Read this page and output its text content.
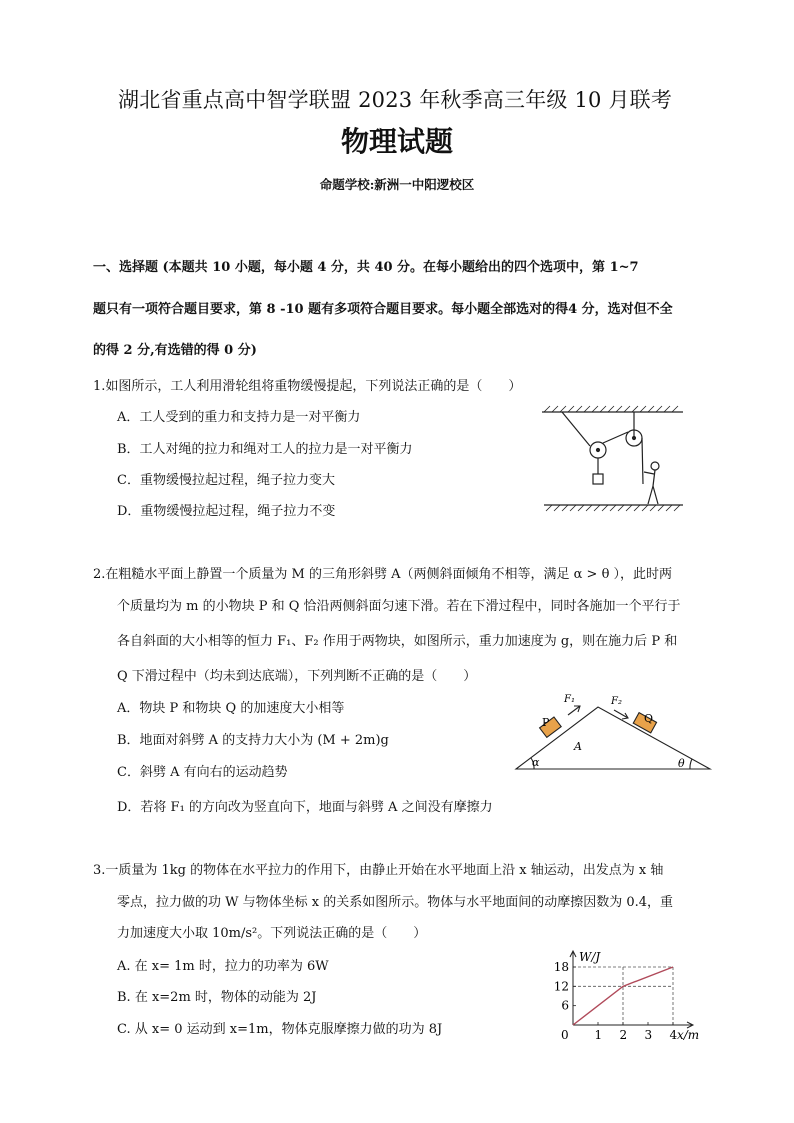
湖北省重点高中智学联盟 2023 年秋季高三年级 10 月联考
物理试题
命题学校:新洲一中阳逻校区
一、选择题 (本题共 10 小题，每小题 4 分，共 40 分。在每小题给出的四个选项中，第 1~7
题只有一项符合题目要求，第 8 -10 题有多项符合题目要求。每小题全部选对的得4 分，选对但不全
的得 2 分,有选错的得 0 分)
1.如图所示，工人利用滑轮组将重物缓慢提起，下列说法正确的是（　　）
A．工人受到的重力和支持力是一对平衡力
B．工人对绳的拉力和绳对工人的拉力是一对平衡力
C．重物缓慢拉起过程，绳子拉力变大
D．重物缓慢拉起过程，绳子拉力不变
2.在粗糙水平面上静置一个质量为 M 的三角形斜劈 A（两侧斜面倾角不相等，满足 α > θ ），此时两
个质量均为 m 的小物块 P 和 Q 恰沿两侧斜面匀速下滑。若在下滑过程中，同时各施加一个平行于
各自斜面的大小相等的恒力 F₁、F₂ 作用于两物块，如图所示，重力加速度为 g，则在施力后 P 和
Q 下滑过程中（均未到达底端），下列判断不正确的是（　　）
A．物块 P 和物块 Q 的加速度大小相等
B．地面对斜劈 A 的支持力大小为 (M + 2m)g
C．斜劈 A 有向右的运动趋势
D．若将 F₁ 的方向改为竖直向下，地面与斜劈 A 之间没有摩擦力
F₁	F₂
P	Q
A
α	θ
3.一质量为 1kg 的物体在水平拉力的作用下，由静止开始在水平地面上沿 x 轴运动，出发点为 x 轴
零点，拉力做的功 W 与物体坐标 x 的关系如图所示。物体与水平地面间的动摩擦因数为 0.4，重
力加速度大小取 10m/s²。下列说法正确的是（　　）
A. 在 x= 1m 时，拉力的功率为 6W
B. 在 x=2m 时，物体的动能为 2J
C. 从 x= 0 运动到 x=1m，物体克服摩擦力做的功为 8J	0 1 2 3 4
6
12
18
W/J
x/m
